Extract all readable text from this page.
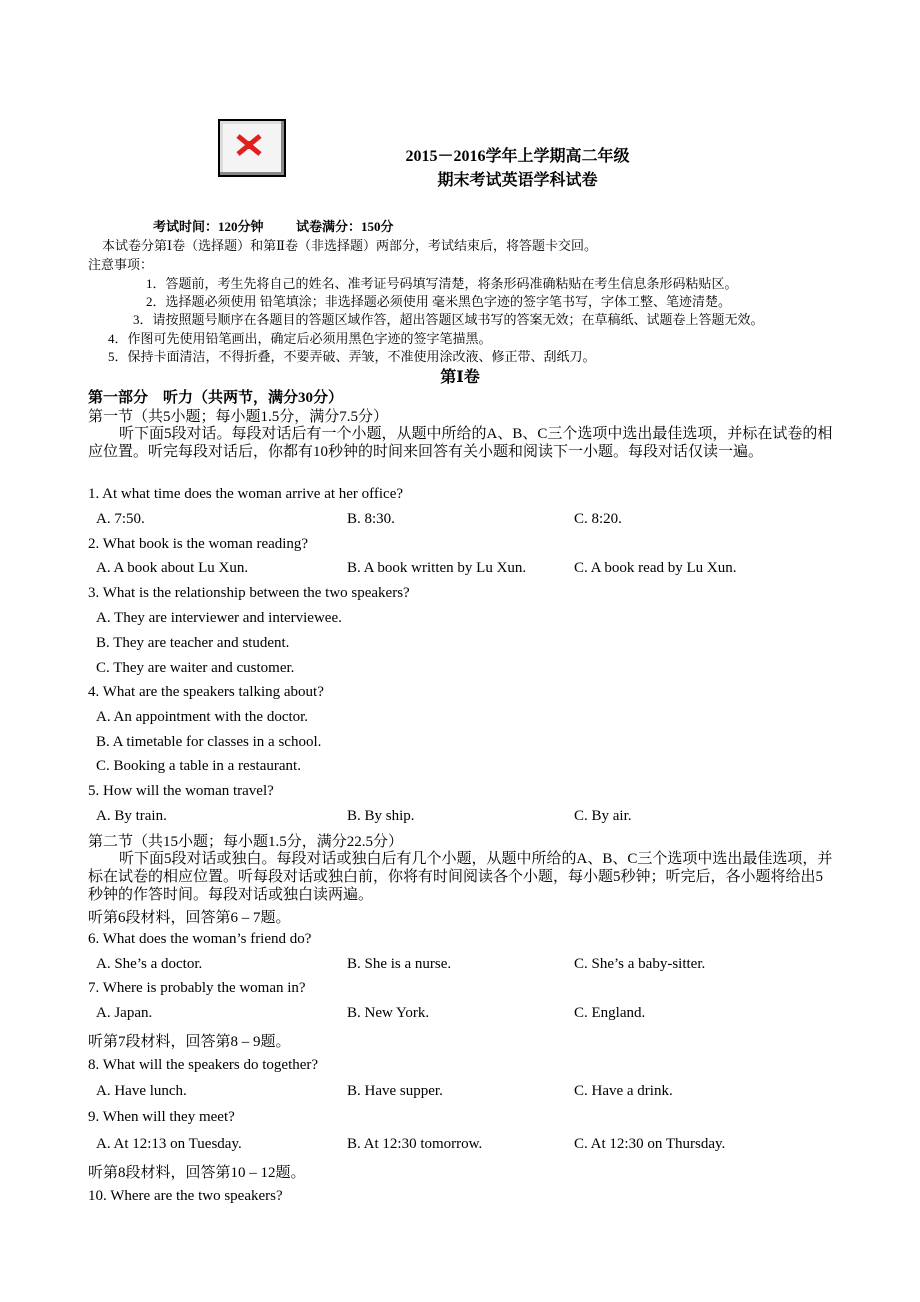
2015－2016学年上学期高二年级
期末考试英语学科试卷
考试时间：120分钟 试卷满分：150分
本试卷分第Ⅰ卷（选择题）和第Ⅱ卷（非选择题）两部分，考试结束后，将答题卡交回。
注意事项：
1．答题前，考生先将自己的姓名、准考证号码填写清楚，将条形码准确粘贴在考生信息条形码粘贴区。
2．选择题必须使用 铅笔填涂；非选择题必须使用 毫米黑色字迹的签字笔书写，字体工整、笔迹清楚。
3．请按照题号顺序在各题目的答题区域作答，超出答题区域书写的答案无效；在草稿纸、试题卷上答题无效。
4．作图可先使用铅笔画出，确定后必须用黑色字迹的签字笔描黑。
5．保持卡面清洁，不得折叠，不要弄破、弄皱，不准使用涂改液、修正带、刮纸刀。
第Ⅰ卷
第一部分　听力（共两节，满分30分）
第一节（共5小题；每小题1.5分，满分7.5分）
听下面5段对话。每段对话后有一个小题，从题中所给的A、B、C三个选项中选出最佳选项，并标在试卷的相应位置。听完每段对话后，你都有10秒钟的时间来回答有关小题和阅读下一小题。每段对话仅读一遍。
1. At what time does the woman arrive at her office?
A. 7:50.	B. 8:30.	C. 8:20.
2. What book is the woman reading?
A. A book about Lu Xun.	B. A book written by Lu Xun.	C. A book read by Lu Xun.
3. What is the relationship between the two speakers?
A. They are interviewer and interviewee.
B. They are teacher and student.
C. They are waiter and customer.
4. What are the speakers talking about?
A. An appointment with the doctor.
B. A timetable for classes in a school.
C. Booking a table in a restaurant.
5. How will the woman travel?
A. By train.	B. By ship.	C. By air.
第二节（共15小题；每小题1.5分，满分22.5分）
听下面5段对话或独白。每段对话或独白后有几个小题，从题中所给的A、B、C三个选项中选出最佳选项，并标在试卷的相应位置。听每段对话或独白前，你将有时间阅读各个小题，每小题5秒钟；听完后，各小题将给出5秒钟的作答时间。每段对话或独白读两遍。
听第6段材料，回答第6 – 7题。
6. What does the woman’s friend do?
A. She’s a doctor.	B. She is a nurse.	C. She’s a baby-sitter.
7. Where is probably the woman in?
A. Japan.	B. New York.	C. England.
听第7段材料，回答第8 – 9题。
8. What will the speakers do together?
A. Have lunch.	B. Have supper.	C. Have a drink.
9. When will they meet?
A. At 12:13 on Tuesday.	B. At 12:30 tomorrow.	C. At 12:30 on Thursday.
听第8段材料，回答第10 – 12题。
10. Where are the two speakers?
